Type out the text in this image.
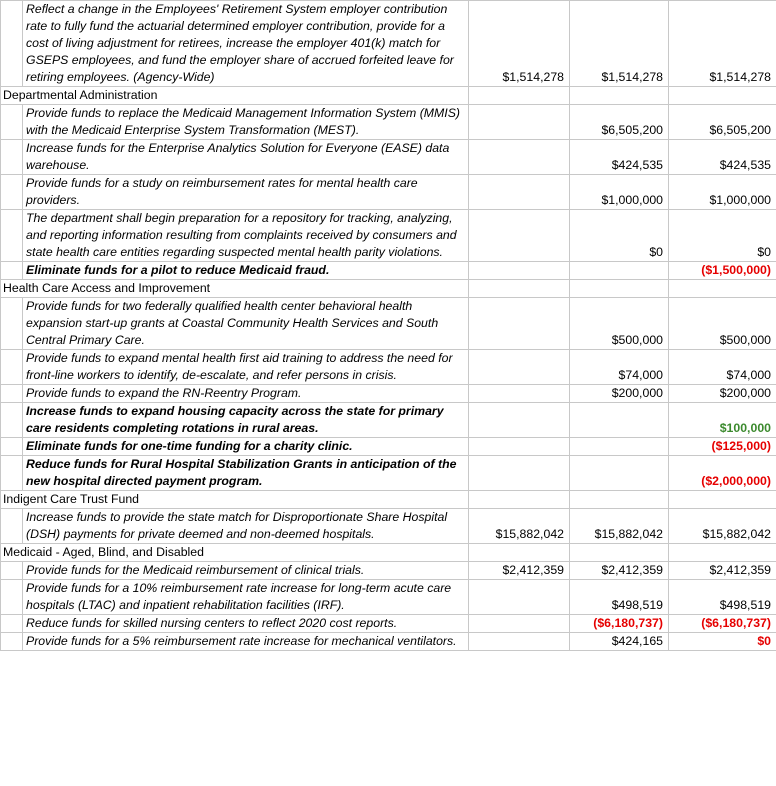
	Reflect a change in the Employees' Retirement System employer contribution rate to fully fund the actuarial determined employer contribution, provide for a cost of living adjustment for retirees, increase the employer 401(k) match for GSEPS employees, and fund the employer share of accrued forfeited leave for retiring employees. (Agency-Wide)	$1,514,278	$1,514,278	$1,514,278
Departmental Administration				
	Provide funds to replace the Medicaid Management Information System (MMIS) with the Medicaid Enterprise System Transformation (MEST).		$6,505,200	$6,505,200
	Increase funds for the Enterprise Analytics Solution for Everyone (EASE) data warehouse.		$424,535	$424,535
	Provide funds for a study on reimbursement rates for mental health care providers.		$1,000,000	$1,000,000
	The department shall begin preparation for a repository for tracking, analyzing, and reporting information resulting from complaints received by consumers and state health care entities regarding suspected mental health parity violations.		$0	$0
	Eliminate funds for a pilot to reduce Medicaid fraud.			($1,500,000)
Health Care Access and Improvement				
	Provide funds for two federally qualified health center behavioral health expansion start-up grants at Coastal Community Health Services and South Central Primary Care.		$500,000	$500,000
	Provide funds to expand mental health first aid training to address the need for front-line workers to identify, de-escalate, and refer persons in crisis.		$74,000	$74,000
	Provide funds to expand the RN-Reentry Program.		$200,000	$200,000
	Increase funds to expand housing capacity across the state for primary care residents completing rotations in rural areas.			$100,000
	Eliminate funds for one-time funding for a charity clinic.			($125,000)
	Reduce funds for Rural Hospital Stabilization Grants in anticipation of the new hospital directed payment program.			($2,000,000)
Indigent Care Trust Fund				
	Increase funds to provide the state match for Disproportionate Share Hospital (DSH) payments for private deemed and non-deemed hospitals.	$15,882,042	$15,882,042	$15,882,042
Medicaid - Aged, Blind, and Disabled				
	Provide funds for the Medicaid reimbursement of clinical trials.	$2,412,359	$2,412,359	$2,412,359
	Provide funds for a 10% reimbursement rate increase for long-term acute care hospitals (LTAC) and inpatient rehabilitation facilities (IRF).		$498,519	$498,519
	Reduce funds for skilled nursing centers to reflect 2020 cost reports.		($6,180,737)	($6,180,737)
	Provide funds for a 5% reimbursement rate increase for mechanical ventilators.		$424,165	$0
